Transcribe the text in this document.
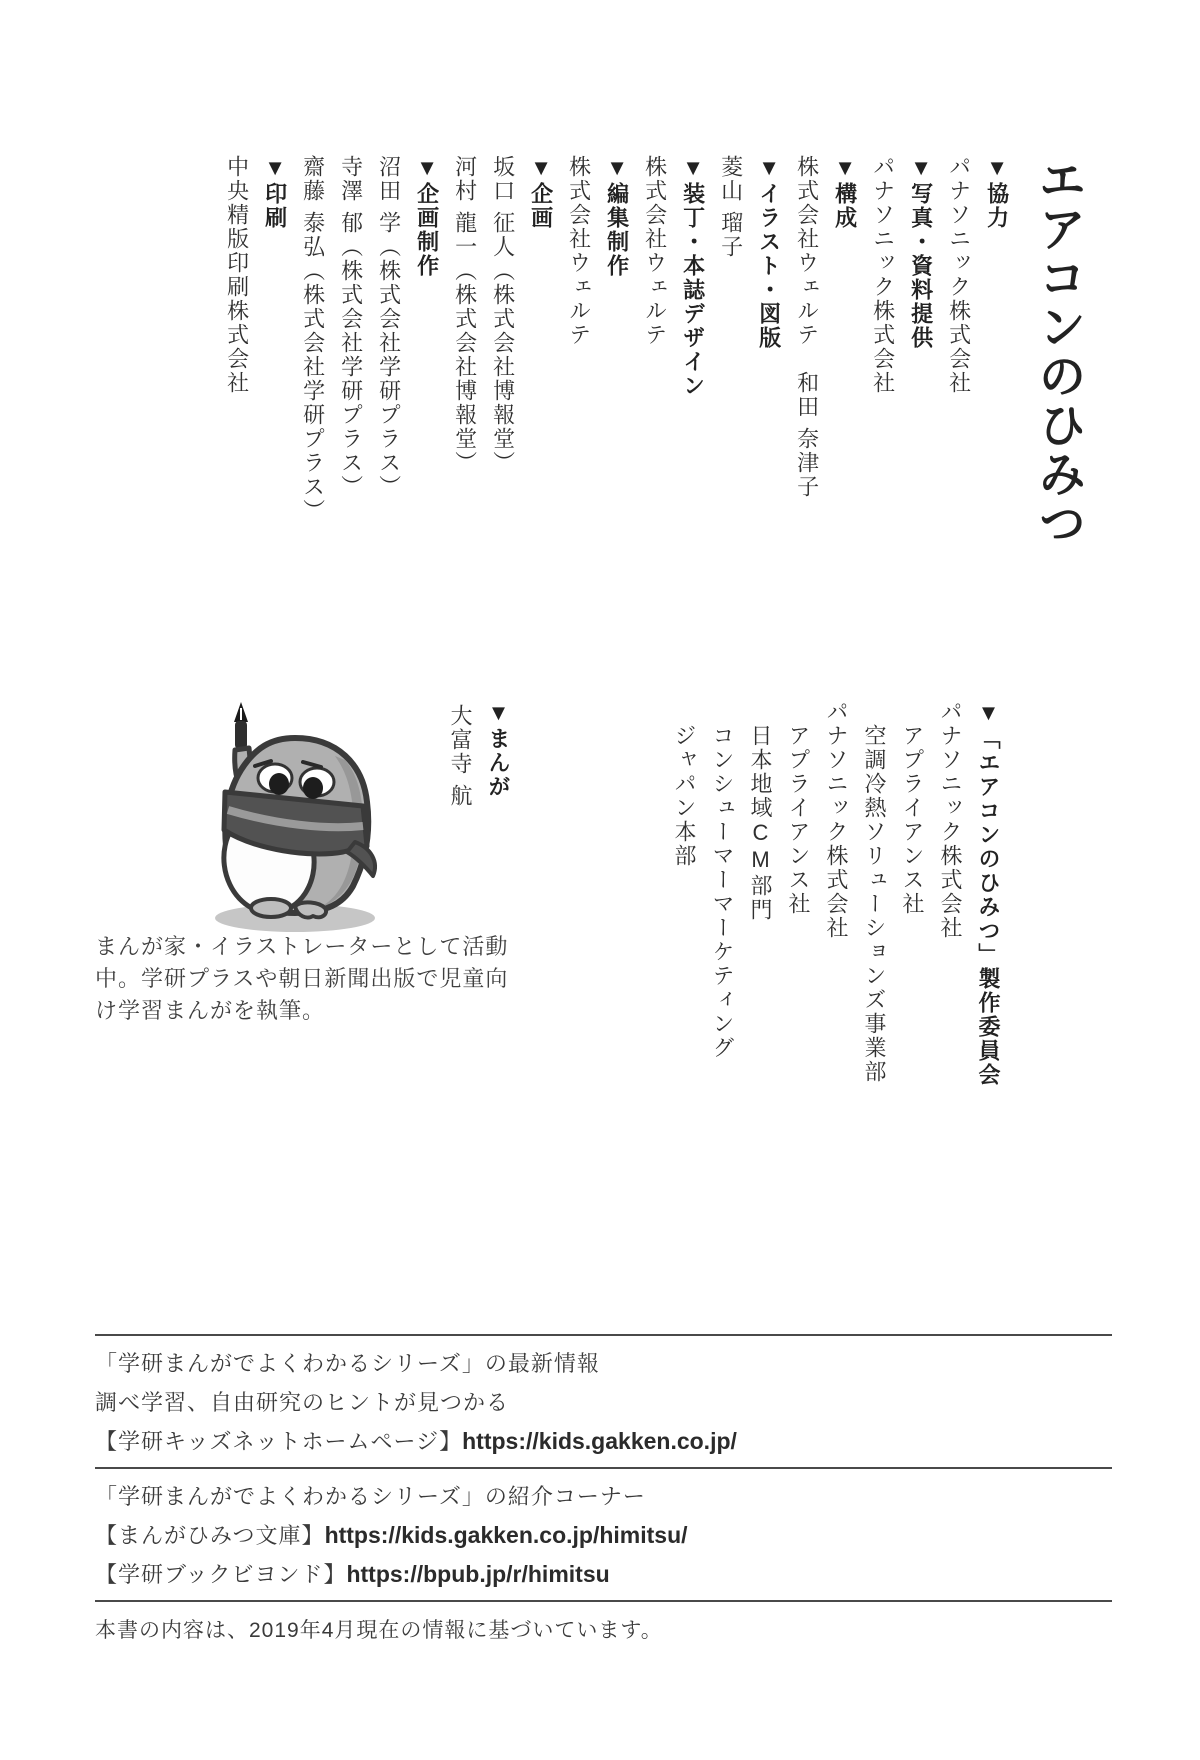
エアコンのひみつ
▼協力
パナソニック株式会社
▼写真・資料提供
パナソニック株式会社
▼構成
株式会社ウェルテ　和田 奈津子
▼イラスト・図版
菱山 瑠子
▼装丁・本誌デザイン
株式会社ウェルテ
▼編集制作
株式会社ウェルテ
▼企画
坂口 征人（株式会社博報堂）
河村 龍一（株式会社博報堂）
▼企画制作
沼田 学（株式会社学研プラス）
寺澤 郁（株式会社学研プラス）
齋藤 泰弘（株式会社学研プラス）
▼印刷
中央精版印刷株式会社
▼「エアコンのひみつ」製作委員会
パナソニック株式会社
アプライアンス社
空調冷熱ソリューションズ事業部
パナソニック株式会社
アプライアンス社
日本地域CM部門
コンシューマーマーケティング
ジャパン本部
▼まんが
大富寺 航
まんが家・イラストレーターとして活動
中。学研プラスや朝日新聞出版で児童向
け学習まんがを執筆。
「学研まんがでよくわかるシリーズ」の最新情報
調べ学習、自由研究のヒントが見つかる
【学研キッズネットホームページ】https://kids.gakken.co.jp/
「学研まんがでよくわかるシリーズ」の紹介コーナー
【まんがひみつ文庫】https://kids.gakken.co.jp/himitsu/
【学研ブックビヨンド】https://bpub.jp/r/himitsu
本書の内容は、2019年4月現在の情報に基づいています。
